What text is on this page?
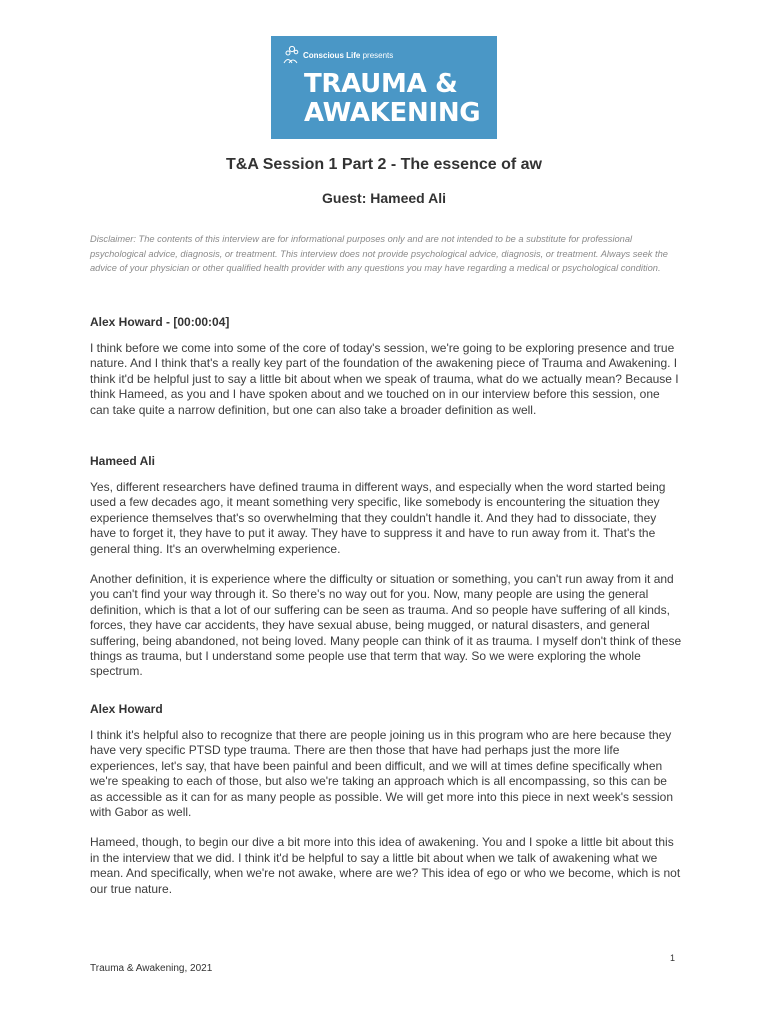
Conscious Life presents
TRAUMA &
AWAKENING
T&A Session 1 Part 2 - The essence of aw
Guest: Hameed Ali
Disclaimer: The contents of this interview are for informational purposes only and are not intended to be a substitute for professional psychological advice, diagnosis, or treatment. This interview does not provide psychological advice, diagnosis, or treatment. Always seek the advice of your physician or other qualified health provider with any questions you may have regarding a medical or psychological condition.
Alex Howard - [00:00:04]
I think before we come into some of the core of today's session, we're going to be exploring presence and true nature. And I think that's a really key part of the foundation of the awakening piece of Trauma and Awakening. I think it'd be helpful just to say a little bit about when we speak of trauma, what do we actually mean? Because I think Hameed, as you and I have spoken about and we touched on in our interview before this session, one can take quite a narrow definition, but one can also take a broader definition as well.
Hameed Ali
Yes, different researchers have defined trauma in different ways, and especially when the word started being used a few decades ago, it meant something very specific, like somebody is encountering the situation they experience themselves that's so overwhelming that they couldn't handle it. And they had to dissociate, they have to forget it, they have to put it away. They have to suppress it and have to run away from it. That's the general thing. It's an overwhelming experience.
Another definition, it is experience where the difficulty or situation or something, you can't run away from it and you can't find your way through it. So there's no way out for you. Now, many people are using the general definition, which is that a lot of our suffering can be seen as trauma. And so people have suffering of all kinds, forces, they have car accidents, they have sexual abuse, being mugged, or natural disasters, and general suffering, being abandoned, not being loved. Many people can think of it as trauma. I myself don't think of these things as trauma, but I understand some people use that term that way. So we were exploring the whole spectrum.
Alex Howard
I think it's helpful also to recognize that there are people joining us in this program who are here because they have very specific PTSD type trauma. There are then those that have had perhaps just the more life experiences, let's say, that have been painful and been difficult, and we will at times define specifically when we're speaking to each of those, but also we're taking an approach which is all encompassing, so this can be as accessible as it can for as many people as possible. We will get more into this piece in next week's session with Gabor as well.
Hameed, though, to begin our dive a bit more into this idea of awakening. You and I spoke a little bit about this in the interview that we did. I think it'd be helpful to say a little bit about when we talk of awakening what we mean. And specifically, when we're not awake, where are we? This idea of ego or who we become, which is not our true nature.
1
Trauma & Awakening, 2021
